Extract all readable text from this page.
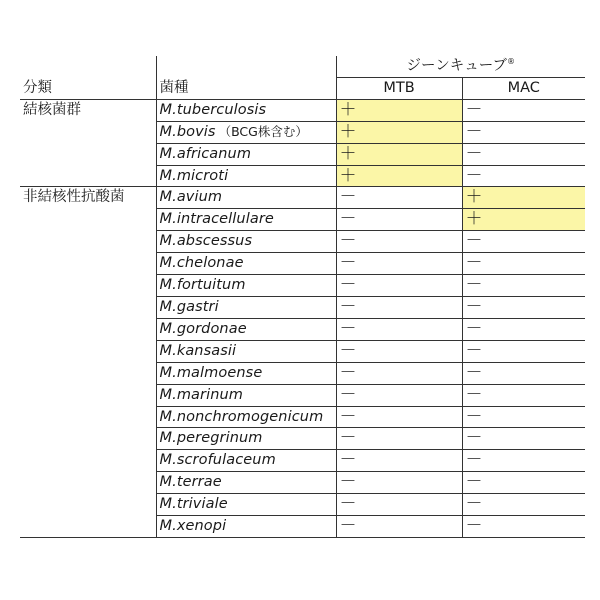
分類	菌種	ジーンキューブ®
		MTB	MAC
結核菌群	M.tuberculosis	＋	－
	M.bovis （BCG株含む）	＋	－
	M.africanum	＋	－
	M.microti	＋	－
非結核性抗酸菌	M.avium	－	＋
	M.intracellulare	－	＋
	M.abscessus	－	－
	M.chelonae	－	－
	M.fortuitum	－	－
	M.gastri	－	－
	M.gordonae	－	－
	M.kansasii	－	－
	M.malmoense	－	－
	M.marinum	－	－
	M.nonchromogenicum	－	－
	M.peregrinum	－	－
	M.scrofulaceum	－	－
	M.terrae	－	－
	M.triviale	－	－
	M.xenopi	－	－
